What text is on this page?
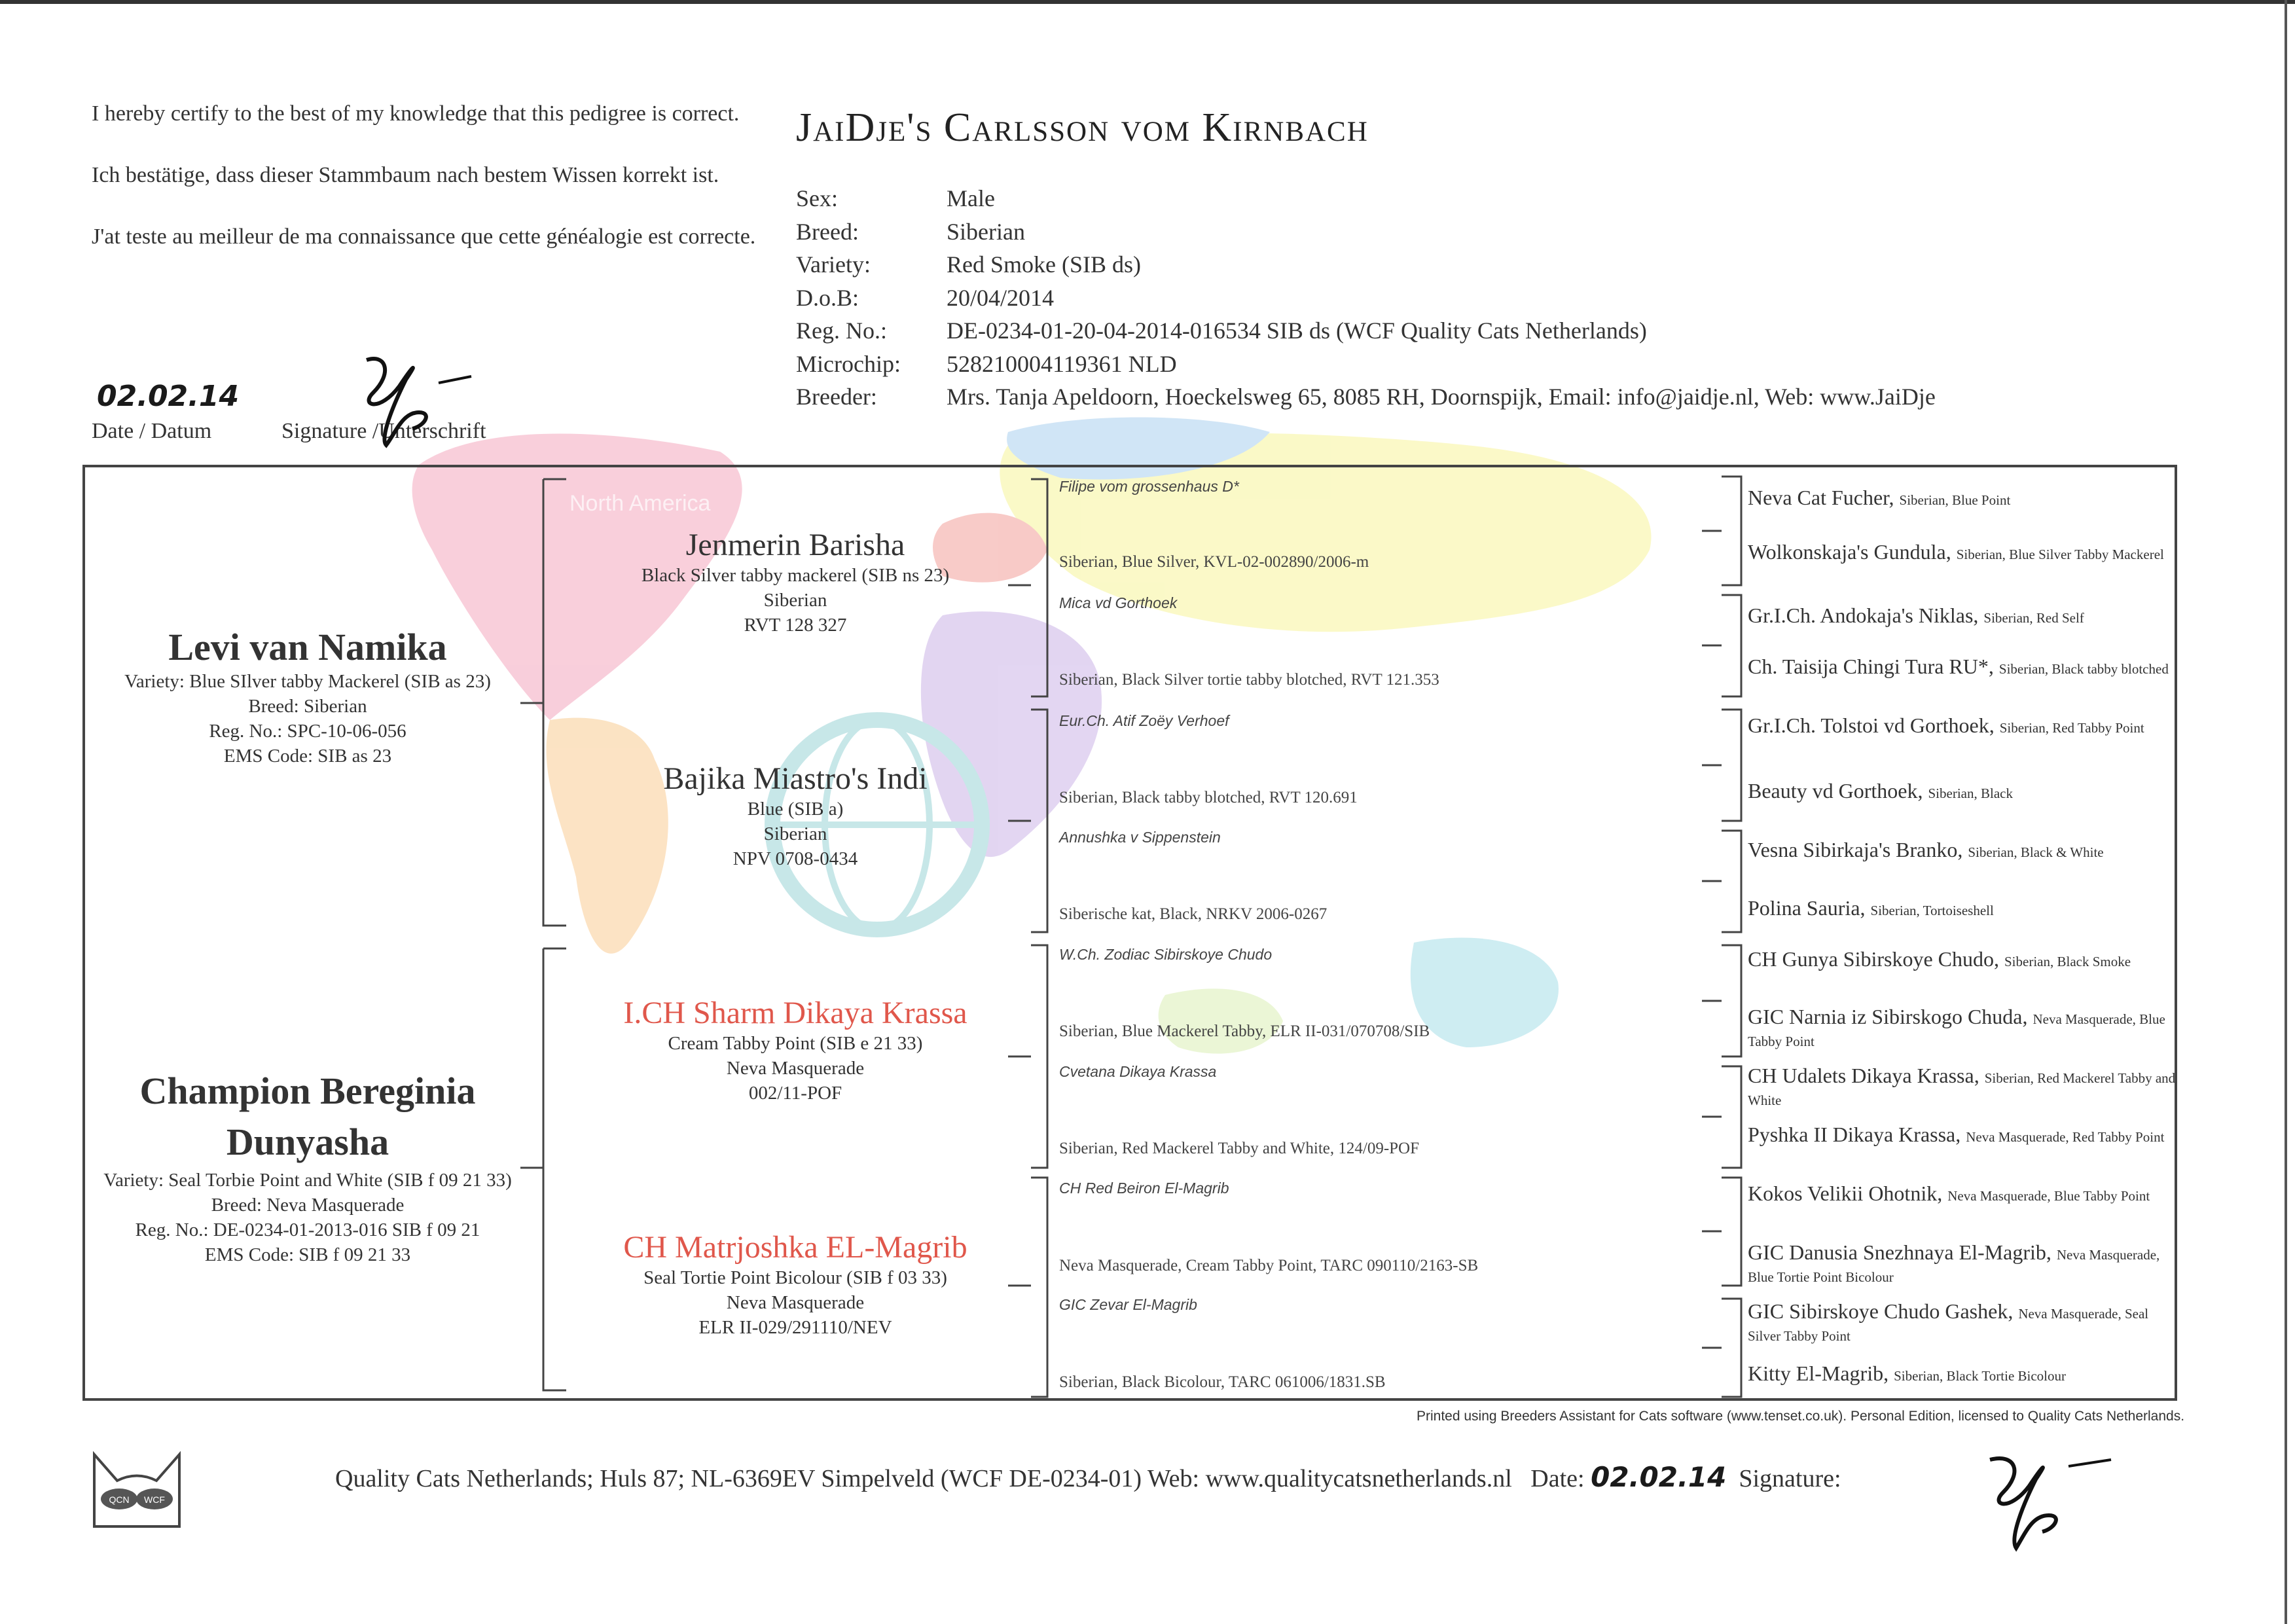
I hereby certify to the best of my knowledge that this pedigree is correct.

Ich bestätige, dass dieser Stammbaum nach bestem Wissen korrekt ist.

J'at teste au meilleur de ma connaissance que cette généalogie est correcte.

02.02.14
Date / Datum	Signature /Unterschrift
JaiDje's Carlsson vom Kirnbach
Sex:	Male
Breed:	Siberian
Variety:	Red Smoke (SIB ds)
D.o.B:	20/04/2014
Reg. No.:	DE-0234-01-20-04-2014-016534 SIB ds (WCF Quality Cats Netherlands)
Microchip:	528210004119361 NLD
Breeder:	Mrs. Tanja Apeldoorn, Hoeckelsweg 65, 8085 RH, Doornspijk, Email: info@jaidje.nl, Web: www.JaiDje
North America
Levi van Namika
Variety: Blue SIlver tabby Mackerel (SIB as 23)
Breed: Siberian
Reg. No.: SPC-10-06-056
EMS Code: SIB as 23
Champion Bereginia
Dunyasha
Variety: Seal Torbie Point and White (SIB f 09 21 33)
Breed: Neva Masquerade
Reg. No.: DE-0234-01-2013-016 SIB f 09 21
EMS Code: SIB f 09 21 33
Jenmerin Barisha
Black Silver tabby mackerel (SIB ns 23)
Siberian
RVT 128 327
Bajika Miastro's Indi
Blue (SIB a)
Siberian
NPV 0708-0434
I.CH Sharm Dikaya Krassa
Cream Tabby Point (SIB e 21 33)
Neva Masquerade
002/11-POF
CH Matrjoshka EL-Magrib
Seal Tortie Point Bicolour (SIB f 03 33)
Neva Masquerade
ELR II-029/291110/NEV
Filipe vom grossenhaus D*
Siberian, Blue Silver, KVL-02-002890/2006-m
Mica vd Gorthoek
Siberian, Black Silver tortie tabby blotched, RVT 121.353
Eur.Ch. Atif Zoëy Verhoef
Siberian, Black tabby blotched, RVT 120.691
Annushka v Sippenstein
Siberische kat, Black, NRKV 2006-0267
W.Ch. Zodiac Sibirskoye Chudo
Siberian, Blue Mackerel Tabby, ELR II-031/070708/SIB
Cvetana Dikaya Krassa
Siberian, Red Mackerel Tabby and White, 124/09-POF
CH Red Beiron El-Magrib
Neva Masquerade, Cream Tabby Point, TARC 090110/2163-SB
GIC Zevar El-Magrib
Siberian, Black Bicolour, TARC 061006/1831.SB
Neva Cat Fucher, Siberian, Blue Point
Wolkonskaja's Gundula, Siberian, Blue Silver Tabby Mackerel
Gr.I.Ch. Andokaja's Niklas, Siberian, Red Self
Ch. Taisija Chingi Tura RU*, Siberian, Black tabby blotched
Gr.I.Ch. Tolstoi vd Gorthoek, Siberian, Red Tabby Point
Beauty vd Gorthoek, Siberian, Black
Vesna Sibirkaja's Branko, Siberian, Black & White
Polina Sauria, Siberian, Tortoiseshell
CH Gunya Sibirskoye Chudo, Siberian, Black Smoke
GIC Narnia iz Sibirskogo Chuda, Neva Masquerade, Blue Tabby Point
CH Udalets Dikaya Krassa, Siberian, Red Mackerel Tabby and White
Pyshka II Dikaya Krassa, Neva Masquerade, Red Tabby Point
Kokos Velikii Ohotnik, Neva Masquerade, Blue Tabby Point
GIC Danusia Snezhnaya El-Magrib, Neva Masquerade, Blue Tortie Point Bicolour
GIC Sibirskoye Chudo Gashek, Neva Masquerade, Seal Silver Tabby Point
Kitty El-Magrib, Siberian, Black Tortie Bicolour
Printed using Breeders Assistant for Cats software (www.tenset.co.uk). Personal Edition, licensed to Quality Cats Netherlands.
QCN WCF
Quality Cats Netherlands; Huls 87; NL-6369EV Simpelveld (WCF DE-0234-01) Web: www.qualitycatsnetherlands.nl Date: 02.02.14 Signature:
